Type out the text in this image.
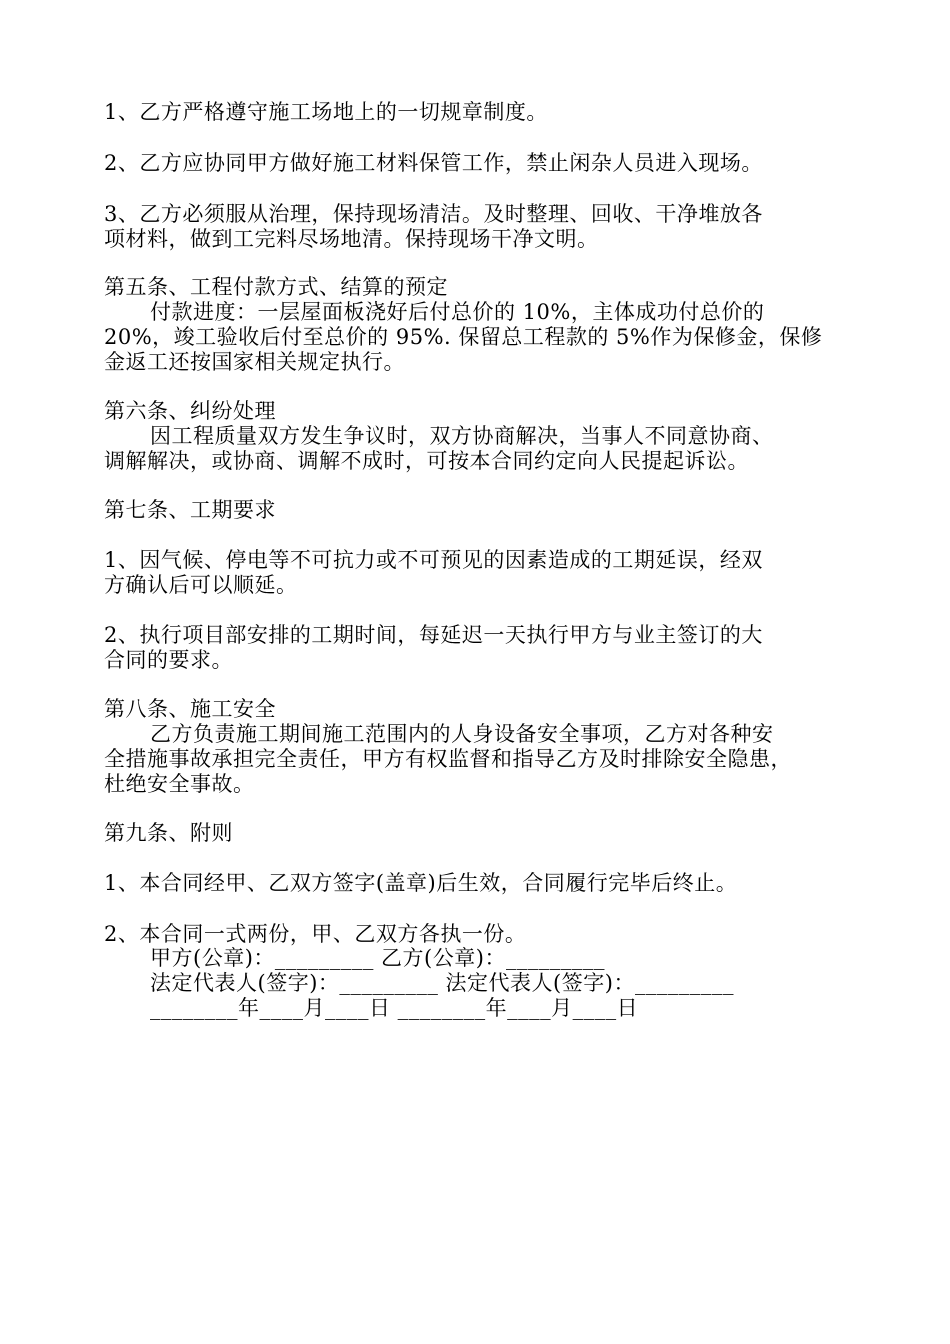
1、乙方严格遵守施工场地上的一切规章制度。
2、乙方应协同甲方做好施工材料保管工作，禁止闲杂人员进入现场。
3、乙方必须服从治理，保持现场清洁。及时整理、回收、干净堆放各
项材料，做到工完料尽场地清。保持现场干净文明。
第五条、工程付款方式、结算的预定
付款进度：一层屋面板浇好后付总价的 10%，主体成功付总价的
20%，竣工验收后付至总价的 95%. 保留总工程款的 5%作为保修金，保修
金返工还按国家相关规定执行。
第六条、纠纷处理
因工程质量双方发生争议时，双方协商解决，当事人不同意协商、
调解解决，或协商、调解不成时，可按本合同约定向人民提起诉讼。
第七条、工期要求
1、因气候、停电等不可抗力或不可预见的因素造成的工期延误，经双
方确认后可以顺延。
2、执行项目部安排的工期时间，每延迟一天执行甲方与业主签订的大
合同的要求。
第八条、施工安全
乙方负责施工期间施工范围内的人身设备安全事项，乙方对各种安
全措施事故承担完全责任，甲方有权监督和指导乙方及时排除安全隐患，
杜绝安全事故。
第九条、附则
1、本合同经甲、乙双方签字(盖章)后生效，合同履行完毕后终止。
2、本合同一式两份，甲、乙双方各执一份。
甲方(公章)：_________ 乙方(公章)：_________
法定代表人(签字)：_________ 法定代表人(签字)：_________
________年____月____日 ________年____月____日
